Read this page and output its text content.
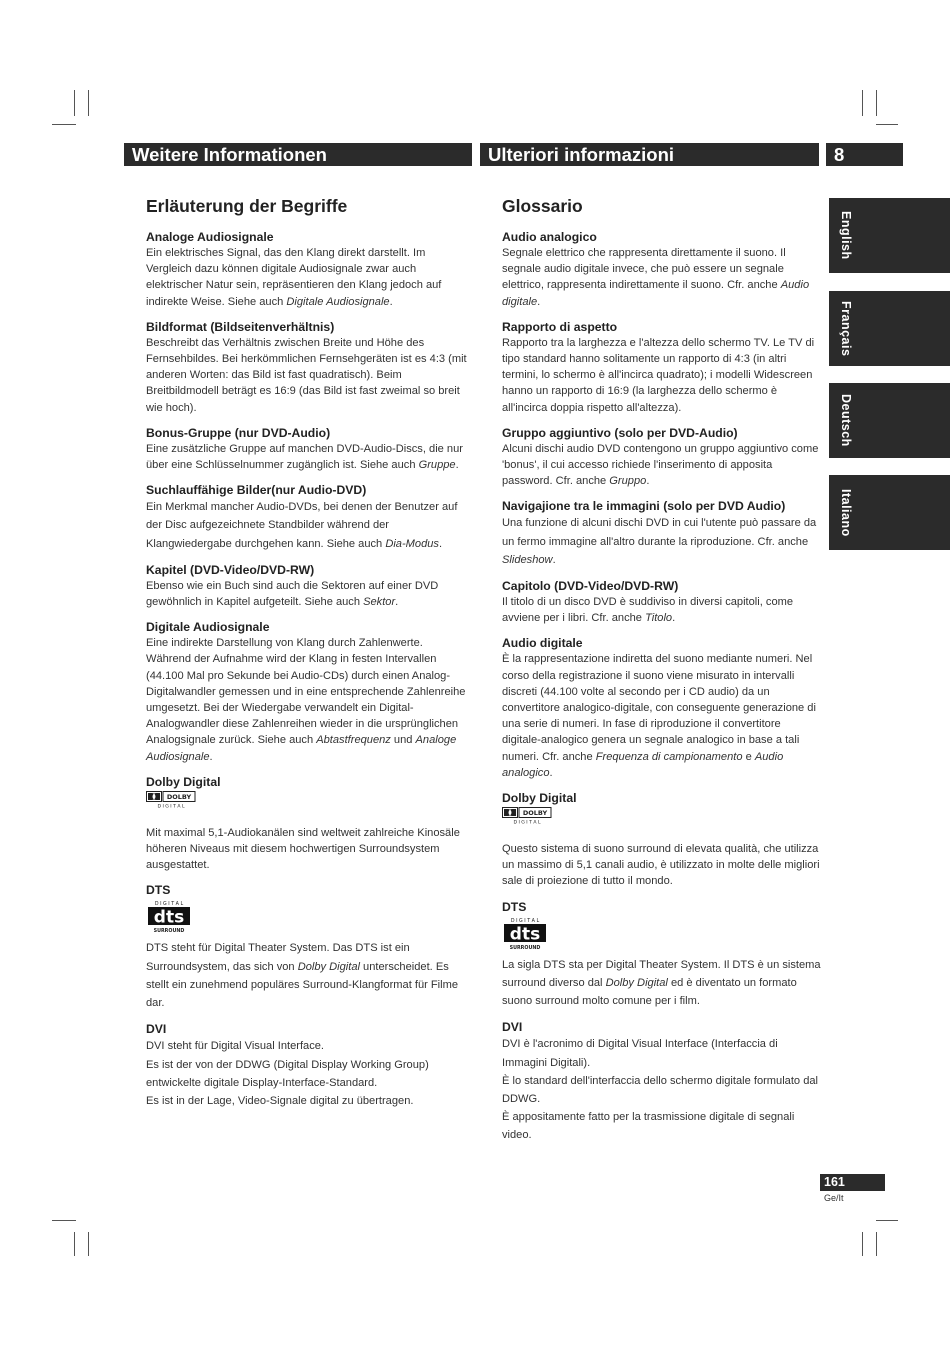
Weitere Informationen	Ulteriori informazioni	8
English
Français
Deutsch
Italiano
Erläuterung der Begriffe
Analoge Audiosignale

Ein elektrisches Signal, das den Klang direkt darstellt. Im Vergleich dazu können digitale Audiosignale zwar auch elektrischer Natur sein, repräsentieren den Klang jedoch auf indirekte Weise. Siehe auch Digitale Audiosignale.

Bildformat (Bildseitenverhältnis)

Beschreibt das Verhältnis zwischen Breite und Höhe des Fernsehbildes. Bei herkömmlichen Fernsehgeräten ist es 4:3 (mit anderen Worten: das Bild ist fast quadratisch). Beim Breitbildmodell beträgt es 16:9 (das Bild ist fast zweimal so breit wie hoch).

Bonus-Gruppe (nur DVD-Audio)

Eine zusätzliche Gruppe auf manchen DVD-Audio-Discs, die nur über eine Schlüsselnummer zugänglich ist. Siehe auch Gruppe.

Suchlauffähige Bilder(nur Audio-DVD)

Ein Merkmal mancher Audio-DVDs, bei denen der Benutzer auf der Disc aufgezeichnete Standbilder während der Klangwiedergabe durchgehen kann. Siehe auch Dia-Modus.

Kapitel (DVD-Video/DVD-RW)

Ebenso wie ein Buch sind auch die Sektoren auf einer DVD gewöhnlich in Kapitel aufgeteilt. Siehe auch Sektor.

Digitale Audiosignale

Eine indirekte Darstellung von Klang durch Zahlenwerte. Während der Aufnahme wird der Klang in festen Intervallen (44.100 Mal pro Sekunde bei Audio-CDs) durch einen Analog-Digitalwandler gemessen und in eine entsprechende Zahlenreihe umgesetzt. Bei der Wiedergabe verwandelt ein Digital-Analogwandler diese Zahlenreihen wieder in die ursprünglichen Analogsignale zurück. Siehe auch Abtastfrequenz und Analoge Audiosignale.

Dolby Digital
DOLBY
D I G I T A L

Mit maximal 5,1-Audiokanälen sind weltweit zahlreiche Kinosäle höheren Niveaus mit diesem hochwertigen Surroundsystem ausgestattet.

DTS
D I G I T A L
dts
SURROUND

DTS steht für Digital Theater System. Das DTS ist ein Surroundsystem, das sich von Dolby Digital unterscheidet. Es stellt ein zunehmend populäres Surround-Klangformat für Filme dar.

DVI

DVI steht für Digital Visual Interface.
Es ist der von der DDWG (Digital Display Working Group) entwickelte digitale Display-Interface-Standard.
Es ist in der Lage, Video-Signale digital zu übertragen.

Glossario
Audio analogico

Segnale elettrico che rappresenta direttamente il suono. Il segnale audio digitale invece, che può essere un segnale elettrico, rappresenta indirettamente il suono. Cfr. anche Audio digitale.

Rapporto di aspetto

Rapporto tra la larghezza e l'altezza dello schermo TV. Le TV di tipo standard hanno solitamente un rapporto di 4:3 (in altri termini, lo schermo è all'incirca quadrato); i modelli Widescreen hanno un rapporto di 16:9 (la larghezza dello schermo è all'incirca doppia rispetto all'altezza).

Gruppo aggiuntivo (solo per DVD-Audio)

Alcuni dischi audio DVD contengono un gruppo aggiuntivo come 'bonus', il cui accesso richiede l'inserimento di apposita password. Cfr. anche Gruppo.

Navigajione tra le immagini (solo per DVD Audio)

Una funzione di alcuni dischi DVD in cui l'utente può passare da un fermo immagine all'altro durante la riproduzione. Cfr. anche Slideshow.

Capitolo (DVD-Video/DVD-RW)

Il titolo di un disco DVD è suddiviso in diversi capitoli, come avviene per i libri. Cfr. anche Titolo.

Audio digitale

È la rappresentazione indiretta del suono mediante numeri. Nel corso della registrazione il suono viene misurato in intervalli discreti (44.100 volte al secondo per i CD audio) da un convertitore analogico-digitale, con conseguente generazione di una serie di numeri. In fase di riproduzione il convertitore digitale-analogico genera un segnale analogico in base a tali numeri. Cfr. anche Frequenza di campionamento e Audio analogico.

Dolby Digital
DOLBY
D I G I T A L

Questo sistema di suono surround di elevata qualità, che utilizza un massimo di 5,1 canali audio, è utilizzato in molte delle migliori sale di proiezione di tutto il mondo.

DTS
D I G I T A L
dts
SURROUND

La sigla DTS sta per Digital Theater System. Il DTS è un sistema surround diverso dal Dolby Digital ed è diventato un formato suono surround molto comune per i film.

DVI

DVI è l'acronimo di Digital Visual Interface (Interfaccia di Immagini Digitali).
È lo standard dell'interfaccia dello schermo digitale formulato dal DDWG.
È appositamente fatto per la trasmissione digitale di segnali video.

161
Ge/It
